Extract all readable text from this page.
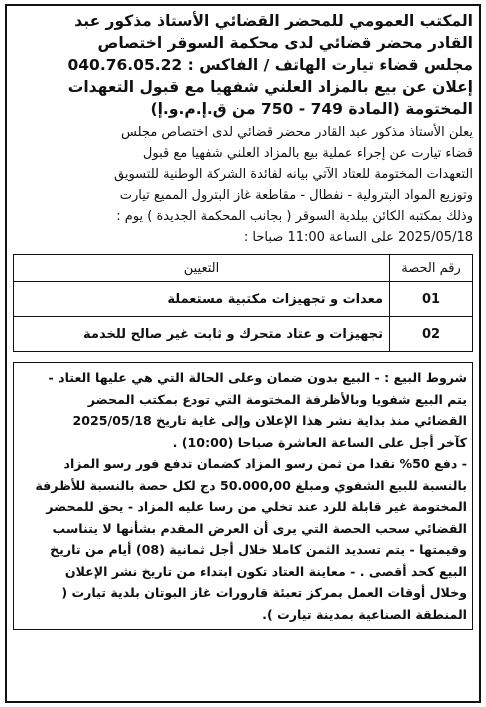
المكتب العمومي للمحضر القضائي الأستاذ مذكور عبد
القادر محضر قضائي لدى محكمة السوقر اختصاص
مجلس قضاء تيارت الهاتف / الفاكس : 040.76.05.22
إعلان عن بيع بالمزاد العلني شفهيا مع قبول التعهدات
المختومة (المادة 749 - 750 من ق.إ.م.و.إ)
يعلن الأستاذ مذكور عبد القادر محضر قضائي لدى اختصاص مجلس
قضاء تيارت عن إجراء عملية بيع بالمزاد العلني شفهيا مع قبول
التعهدات المختومة للعتاد الآتي بيانه لفائدة الشركة الوطنية للتسويق
وتوزيع المواد البترولية - نفطال - مقاطعة غاز البترول المميع تيارت
وذلك بمكتبه الكائن ببلدية السوقر ( بجانب المحكمة الجديدة ) يوم :
2025/05/18 على الساعة 11:00 صباحا :
رقم الحصة	التعيين
01	معدات و تجهيزات مكتبية مستعملة
02	تجهيزات و عتاد متحرك و ثابت غير صالح للخدمة
شروط البيع : - البيع بدون ضمان وعلى الحالة التي هي عليها العتاد -
يتم البيع شفويا وبالأظرفة المختومة التي تودع بمكتب المحضر
القضائي منذ بداية نشر هذا الإعلان وإلى غاية تاريخ 2025/05/18
كآخر أجل على الساعة العاشرة صباحا (10:00) .
- دفع 50% نقدا من ثمن رسو المزاد كضمان تدفع فور رسو المزاد
بالنسبة للبيع الشفوي ومبلغ 50.000,00 دج لكل حصة بالنسبة للأظرفة
المختومة غير قابلة للرد عند تخلي من رسا عليه المزاد - يحق للمحضر
القضائي سحب الحصة التي يرى أن العرض المقدم بشأنها لا يتناسب
وقيمتها - يتم تسديد الثمن كاملا خلال أجل ثمانية (08) أيام من تاريخ
البيع كحد أقصى . - معاينة العتاد تكون ابتداء من تاريخ نشر الإعلان
وخلال أوقات العمل بمركز تعبئة قارورات غاز البوتان بلدية تيارت (
المنطقة الصناعية بمدينة تيارت ).
